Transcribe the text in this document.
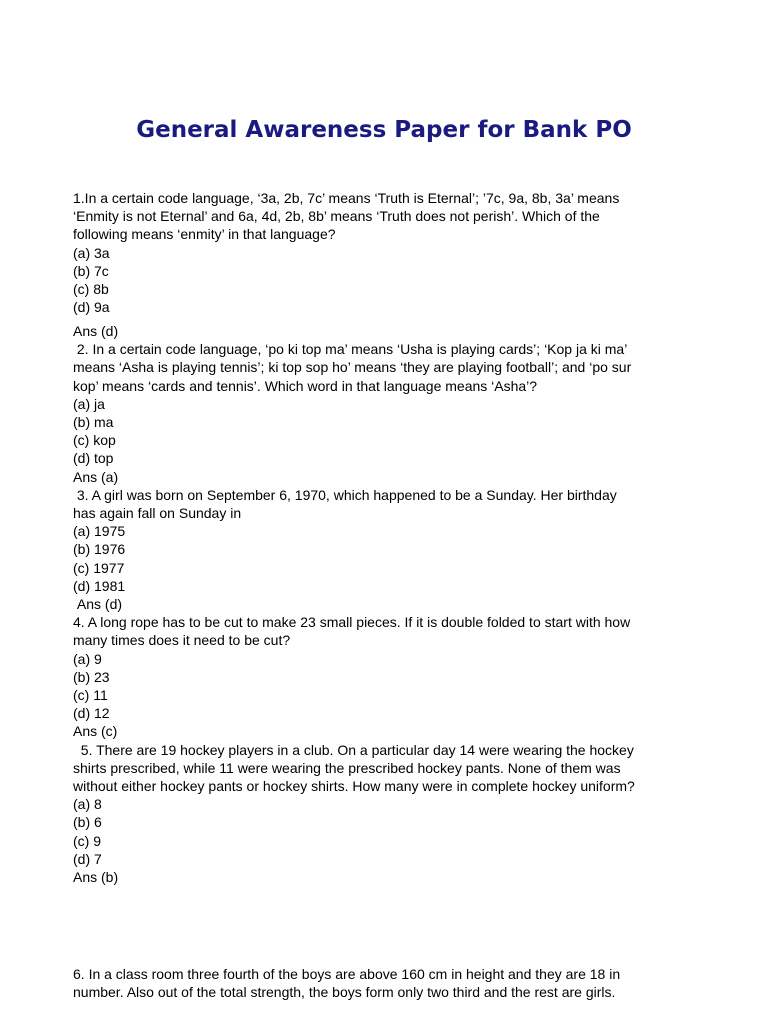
General Awareness Paper for Bank PO
1.In a certain code language, ‘3a, 2b, 7c’ means ‘Truth is Eternal’; ’7c, 9a, 8b, 3a’ means
‘Enmity is not Eternal’ and 6a, 4d, 2b, 8b’ means ‘Truth does not perish’. Which of the
following means ‘enmity’ in that language?
(a) 3a
(b) 7c
(c) 8b
(d) 9a
Ans (d)
2. In a certain code language, ‘po ki top ma’ means ‘Usha is playing cards’; ‘Kop ja ki ma’
means ‘Asha is playing tennis’; ki top sop ho’ means ‘they are playing football’; and ‘po sur
kop’ means ‘cards and tennis’. Which word in that language means ‘Asha’?
(a) ja
(b) ma
(c) kop
(d) top
Ans (a)
3. A girl was born on September 6, 1970, which happened to be a Sunday. Her birthday
has again fall on Sunday in
(a) 1975
(b) 1976
(c) 1977
(d) 1981
Ans (d)
4. A long rope has to be cut to make 23 small pieces. If it is double folded to start with how
many times does it need to be cut?
(a) 9
(b) 23
(c) 11
(d) 12
Ans (c)
5. There are 19 hockey players in a club. On a particular day 14 were wearing the hockey
shirts prescribed, while 11 were wearing the prescribed hockey pants. None of them was
without either hockey pants or hockey shirts. How many were in complete hockey uniform?
(a) 8
(b) 6
(c) 9
(d) 7
Ans (b)
6. In a class room three fourth of the boys are above 160 cm in height and they are 18 in
number. Also out of the total strength, the boys form only two third and the rest are girls.
